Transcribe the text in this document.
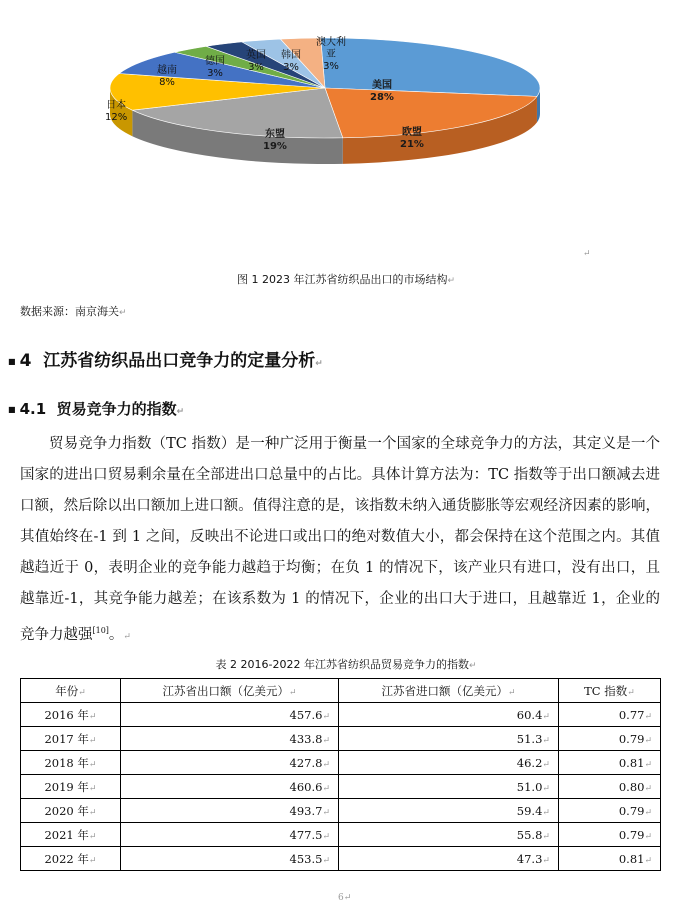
美国
28%
欧盟
21%
东盟
19%
日本
12%
越南
8%
德国
3%
英国
3%
韩国
3%
澳大利
亚
3%
↵
图 1 2023 年江苏省纺织品出口的市场结构↵
数据来源：南京海关↵
■ 4 江苏省纺织品出口竞争力的定量分析↵
■ 4.1 贸易竞争力的指数↵
贸易竞争力指数（TC 指数）是一种广泛用于衡量一个国家的全球竞争力的方法，其定义是一个国家的进出口贸易剩余量在全部进出口总量中的占比。具体计算方法为：TC 指数等于出口额减去进口额，然后除以出口额加上进口额。值得注意的是，该指数未纳入通货膨胀等宏观经济因素的影响，其值始终在-1 到 1 之间，反映出不论进口或出口的绝对数值大小，都会保持在这个范围之内。其值越趋近于 0，表明企业的竞争能力越趋于均衡；在负 1 的情况下，该产业只有进口，没有出口，且越靠近-1，其竞争能力越差；在该系数为 1 的情况下，企业的出口大于进口，且越靠近 1，企业的竞争力越强[10]。↵
表 2 2016-2022 年江苏省纺织品贸易竞争力的指数↵
年份↵	江苏省出口额（亿美元）↵	江苏省进口额（亿美元）↵	TC 指数↵
2016 年↵	457.6↵	60.4↵	0.77↵
2017 年↵	433.8↵	51.3↵	0.79↵
2018 年↵	427.8↵	46.2↵	0.81↵
2019 年↵	460.6↵	51.0↵	0.80↵
2020 年↵	493.7↵	59.4↵	0.79↵
2021 年↵	477.5↵	55.8↵	0.79↵
2022 年↵	453.5↵	47.3↵	0.81↵
6↵
